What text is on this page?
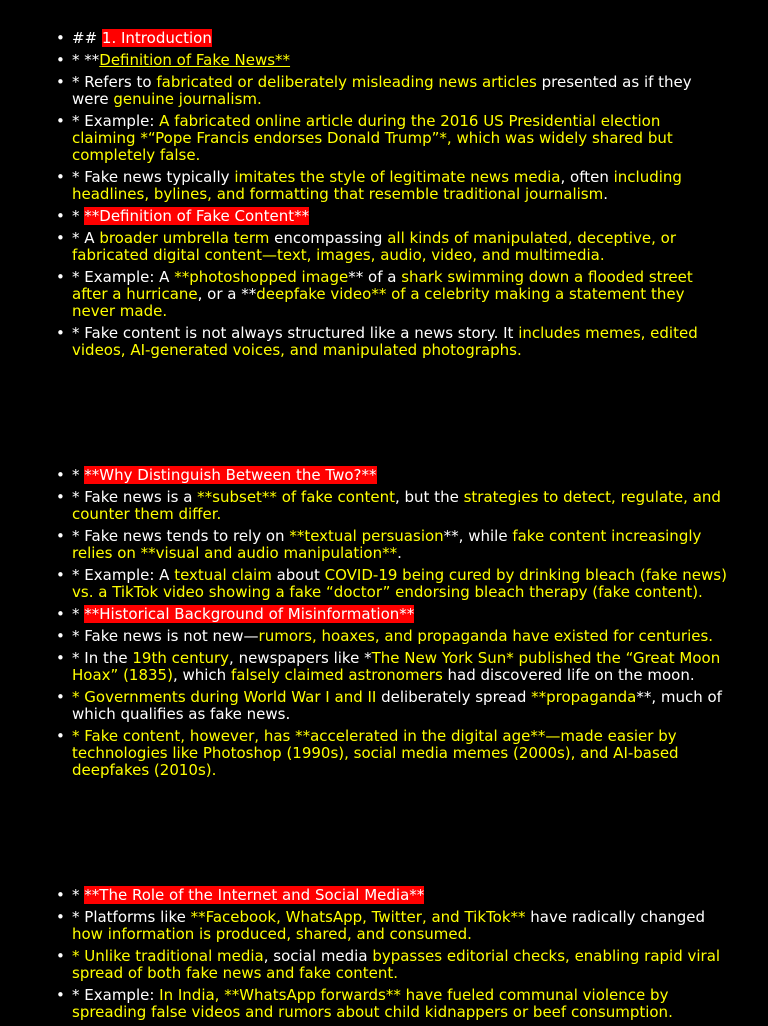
• ## 1. Introduction
• * **Definition of Fake News**
• * Refers to fabricated or deliberately misleading news articles presented as if they were genuine journalism.
• * Example: A fabricated online article during the 2016 US Presidential election claiming *“Pope Francis endorses Donald Trump”*, which was widely shared but completely false.
• * Fake news typically imitates the style of legitimate news media, often including headlines, bylines, and formatting that resemble traditional journalism.
• * **Definition of Fake Content**
• * A broader umbrella term encompassing all kinds of manipulated, deceptive, or fabricated digital content—text, images, audio, video, and multimedia.
• * Example: A **photoshopped image** of a shark swimming down a flooded street after a hurricane, or a **deepfake video** of a celebrity making a statement they never made.
• * Fake content is not always structured like a news story. It includes memes, edited videos, AI-generated voices, and manipulated photographs.
• * **Why Distinguish Between the Two?**
• * Fake news is a **subset** of fake content, but the strategies to detect, regulate, and counter them differ.
• * Fake news tends to rely on **textual persuasion**, while fake content increasingly relies on **visual and audio manipulation**.
• * Example: A textual claim about COVID-19 being cured by drinking bleach (fake news) vs. a TikTok video showing a fake “doctor” endorsing bleach therapy (fake content).
• * **Historical Background of Misinformation**
• * Fake news is not new—rumors, hoaxes, and propaganda have existed for centuries.
• * In the 19th century, newspapers like *The New York Sun* published the “Great Moon Hoax” (1835), which falsely claimed astronomers had discovered life on the moon.
• * Governments during World War I and II deliberately spread **propaganda**, much of which qualifies as fake news.
• * Fake content, however, has **accelerated in the digital age**—made easier by technologies like Photoshop (1990s), social media memes (2000s), and AI-based deepfakes (2010s).
• * **The Role of the Internet and Social Media**
• * Platforms like **Facebook, WhatsApp, Twitter, and TikTok** have radically changed how information is produced, shared, and consumed.
• * Unlike traditional media, social media bypasses editorial checks, enabling rapid viral spread of both fake news and fake content.
• * Example: In India, **WhatsApp forwards** have fueled communal violence by spreading false videos and rumors about child kidnappers or beef consumption.
